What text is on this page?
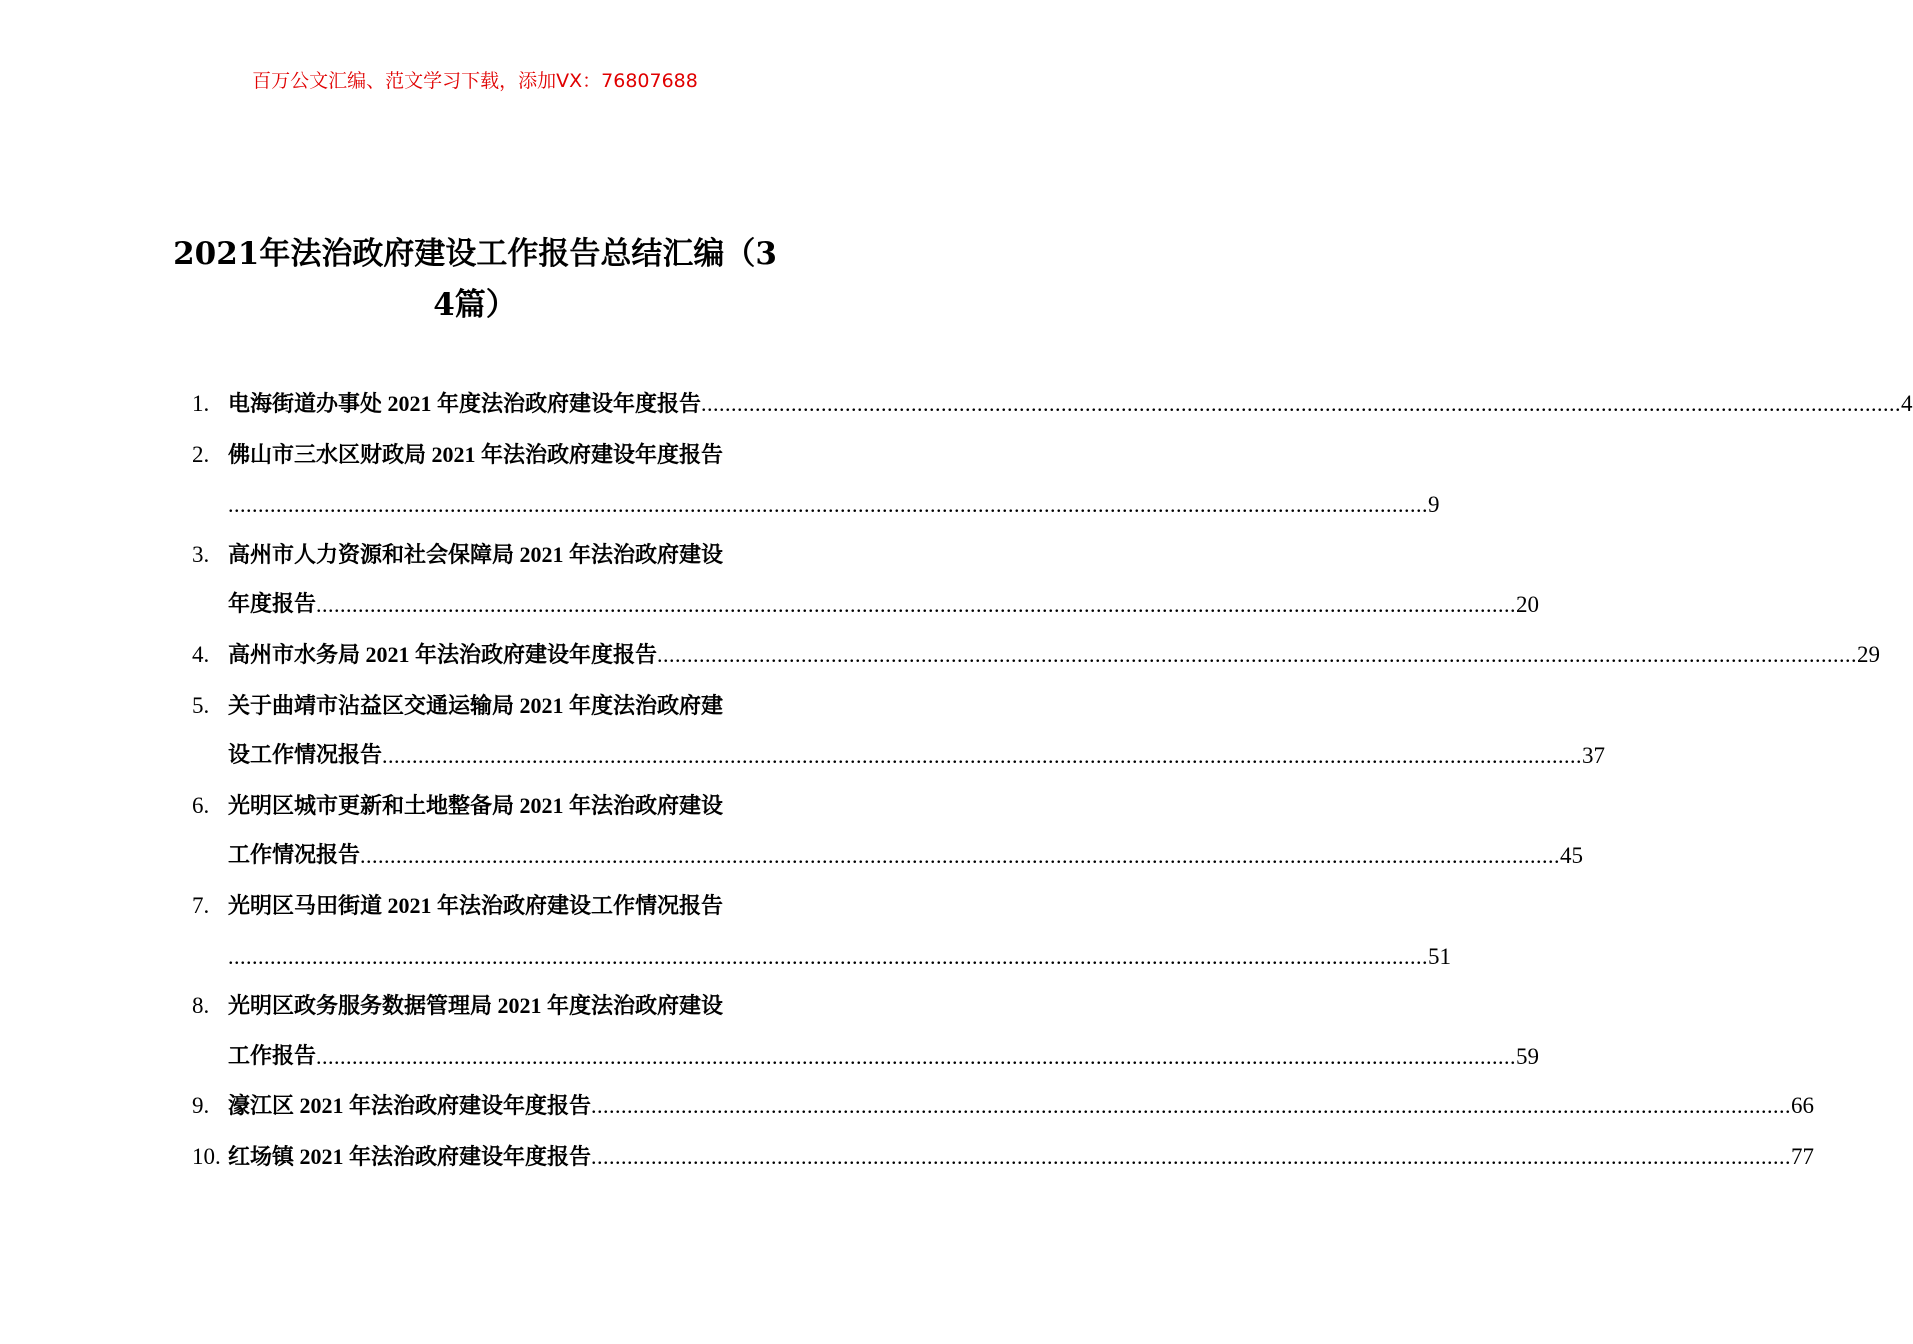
百万公文汇编、范文学习下载，添加VX：76807688
2021年法治政府建设工作报告总结汇编（3
4篇）
1. 电海街道办事处 2021 年度法治政府建设年度报告 ........................................................................................................................................................................................................ 4
2. 佛山市三水区财政局 2021 年法治政府建设年度报告
........................................................................................................................................................................................................ 9
3. 高州市人力资源和社会保障局 2021 年法治政府建设
年度报告 ........................................................................................................................................................................................................ 20
4. 高州市水务局 2021 年法治政府建设年度报告 ........................................................................................................................................................................................................ 29
5. 关于曲靖市沾益区交通运输局 2021 年度法治政府建
设工作情况报告 ........................................................................................................................................................................................................ 37
6. 光明区城市更新和土地整备局 2021 年法治政府建设
工作情况报告 ........................................................................................................................................................................................................ 45
7. 光明区马田街道 2021 年法治政府建设工作情况报告
........................................................................................................................................................................................................ 51
8. 光明区政务服务数据管理局 2021 年度法治政府建设
工作报告 ........................................................................................................................................................................................................ 59
9. 濠江区 2021 年法治政府建设年度报告 ........................................................................................................................................................................................................ 66
10. 红场镇 2021 年法治政府建设年度报告 ........................................................................................................................................................................................................ 77
